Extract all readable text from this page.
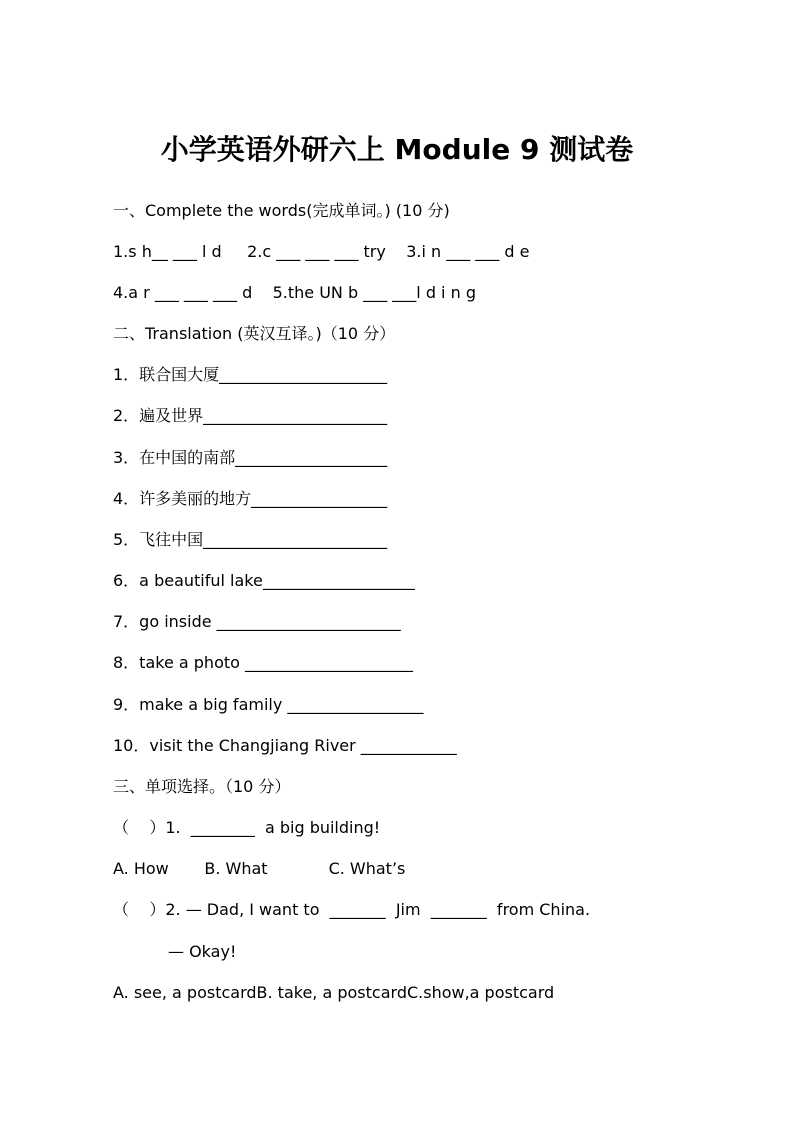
小学英语外研六上 Module 9 测试卷
一、Complete the words(完成单词。) (10 分)
1.s h__ ___ l d     2.c ___ ___ ___ try    3.i n ___ ___ d e
4.a r ___ ___ ___ d    5.the UN b ___ ___l d i n g
二、Translation (英汉互译。)（10 分）
1．联合国大厦_____________________
2．遍及世界_______________________
3．在中国的南部___________________
4．许多美丽的地方_________________
5．飞往中国_______________________
6．a beautiful lake___________________
7．go inside _______________________
8．take a photo _____________________
9．make a big family _________________
10．visit the Changjiang River ____________
三、单项选择。（10 分）
（    ）1.  ________  a big building!
A. How       B. What            C. What’s
（    ）2. — Dad, I want to  _______  Jim  _______  from China.
— Okay!
A. see, a postcardB. take, a postcardC.show,a postcard
